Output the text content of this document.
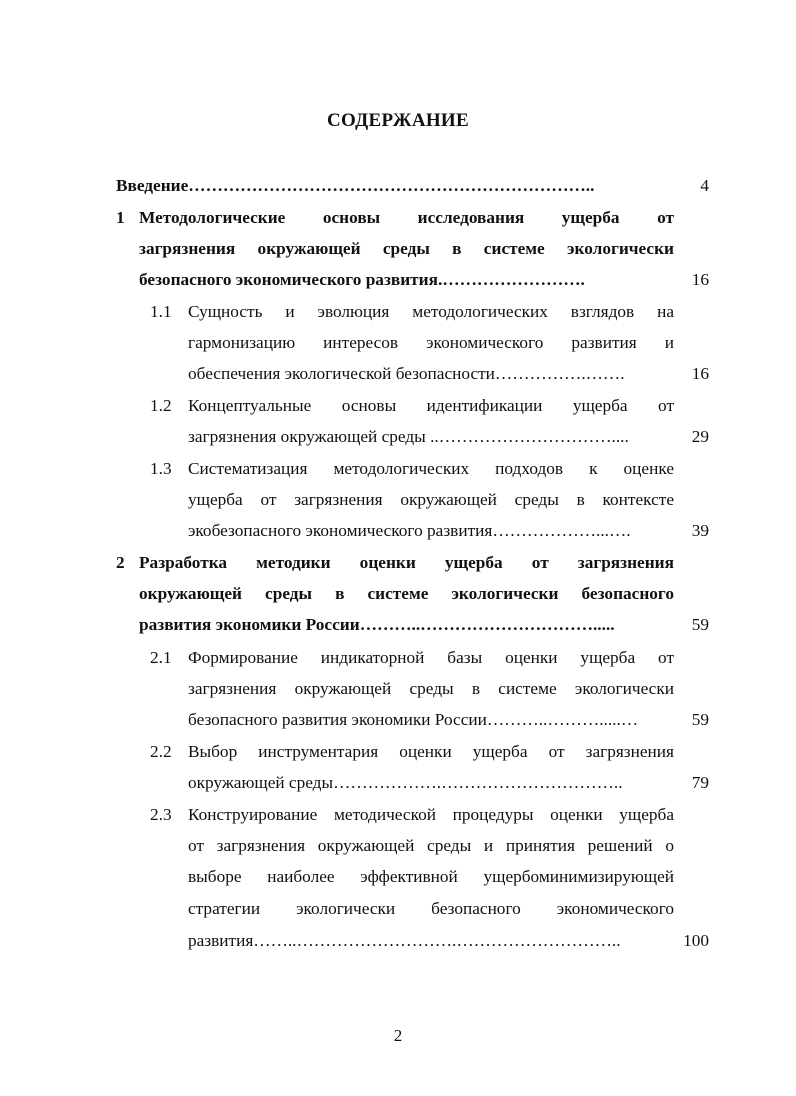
СОДЕРЖАНИЕ
Введение……………………………………………………………..	4
1 Методологические основы исследования ущерба от
загрязнения окружающей среды в системе экологически
безопасного экономического развития.…………………….	16
1.1 Сущность и эволюция методологических взглядов на
гармонизацию интересов экономического развития и
обеспечения экологической безопасности…………….…….	16
1.2 Концептуальные основы идентификации ущерба от
загрязнения окружающей среды ..…………………………....	29
1.3 Систематизация методологических подходов к оценке
ущерба от загрязнения окружающей среды в контексте
экобезопасного экономического развития………………...….	39
2 Разработка методики оценки ущерба от загрязнения
окружающей среды в системе экологически безопасного
развития экономики России………..………………………….....	59
2.1 Формирование индикаторной базы оценки ущерба от
загрязнения окружающей среды в системе экологически
безопасного развития экономики России………..……….....…	59
2.2 Выбор инструментария оценки ущерба от загрязнения
окружающей среды……………….…………………………..	79
2.3 Конструирование методической процедуры оценки ущерба
от загрязнения окружающей среды и принятия решений о
выборе наиболее эффективной ущербоминимизирующей
стратегии экологически безопасного экономического
развития……..……………………….………………………..	100
2
